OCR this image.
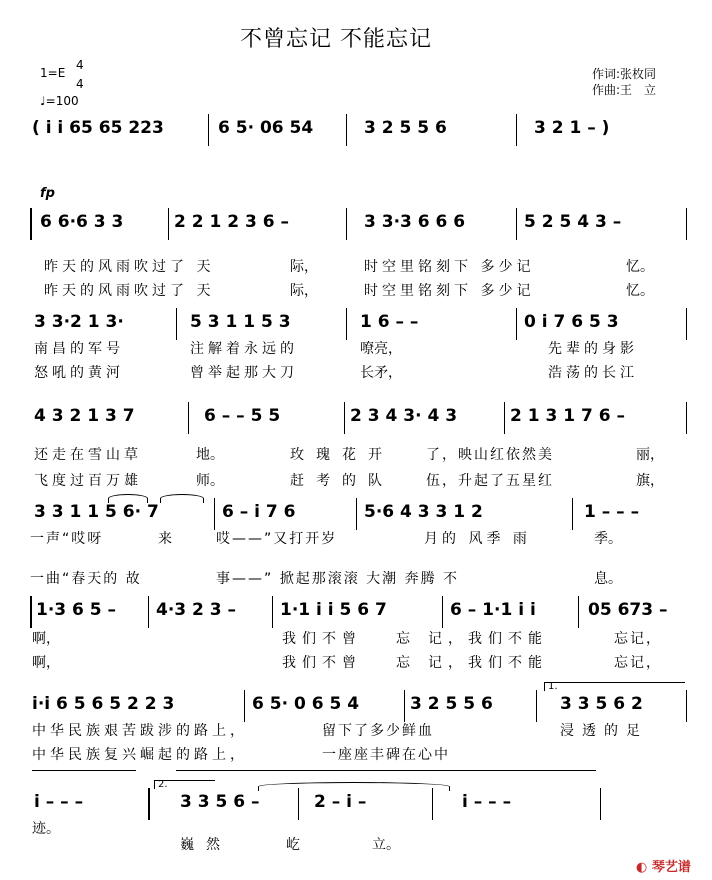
不曾忘记 不能忘记
1=E
4
4
♩=100
作词:张枚同
作曲:王　立
( i i 65 65 223	6 5· 06 54	3 2 5 5 6	3 2 1 – )
fp
6 6·6 3 3	2 2 1 2 3 6 –	3 3·3 6 6 6	5 2 5 4 3 –
昨天的风雨吹过了 天	际，	时空里铭刻下 多少记	忆。
昨天的风雨吹过了 天	际，	时空里铭刻下 多少记	忆。
3 3·2 1 3·	5 3 1 1 5 3	1 6 – –	0 i 7 6 5 3
南昌的军号	注解着永远的	嘹亮，	先辈的身影
怒吼的黄河	曾举起那大刀	长矛，	浩荡的长江
4 3 2 1 3 7	6 – – 5 5	2 3 4 3· 4 3	2 1 3 1 7 6 –
还走在雪山草	地。	玫瑰花开 了，映山红依然美	丽，
飞度过百万雄	师。	赶考的队 伍，升起了五星红	旗，
3 3 1 1 5 6· 7	6 – i 7 6	5·6 4 3 3 1 2	1 – – –
一声“哎呀	来	哎——”又打开岁	月的 风季 雨	季。
一曲“春天的 故	事——” 掀起那滚滚 大潮 奔腾 不	息。
1·3 6 5 – 4·3 2 3 –	1·1 i i 5 6 7	6 – 1·1 i i	05 673 –
啊，	我们不曾 忘 记，我们不能	忘记，
啊，	我们不曾 忘 记，我们不能	忘记，
i·i 6 5 6 5 2 2 3	6 5· 0 6 5 4	3 2 5 5 6	3 3 5 6 2
1.
中华民族艰苦跋涉的路上，	留下了多少鲜血	浸透的足
中华民族复兴崛起的路上，	一座座丰碑在心中
i – – –
2.
3 3 5 6 –	2 – i –	i – – –
迹。
巍然	屹	立。
◐ 琴艺谱
